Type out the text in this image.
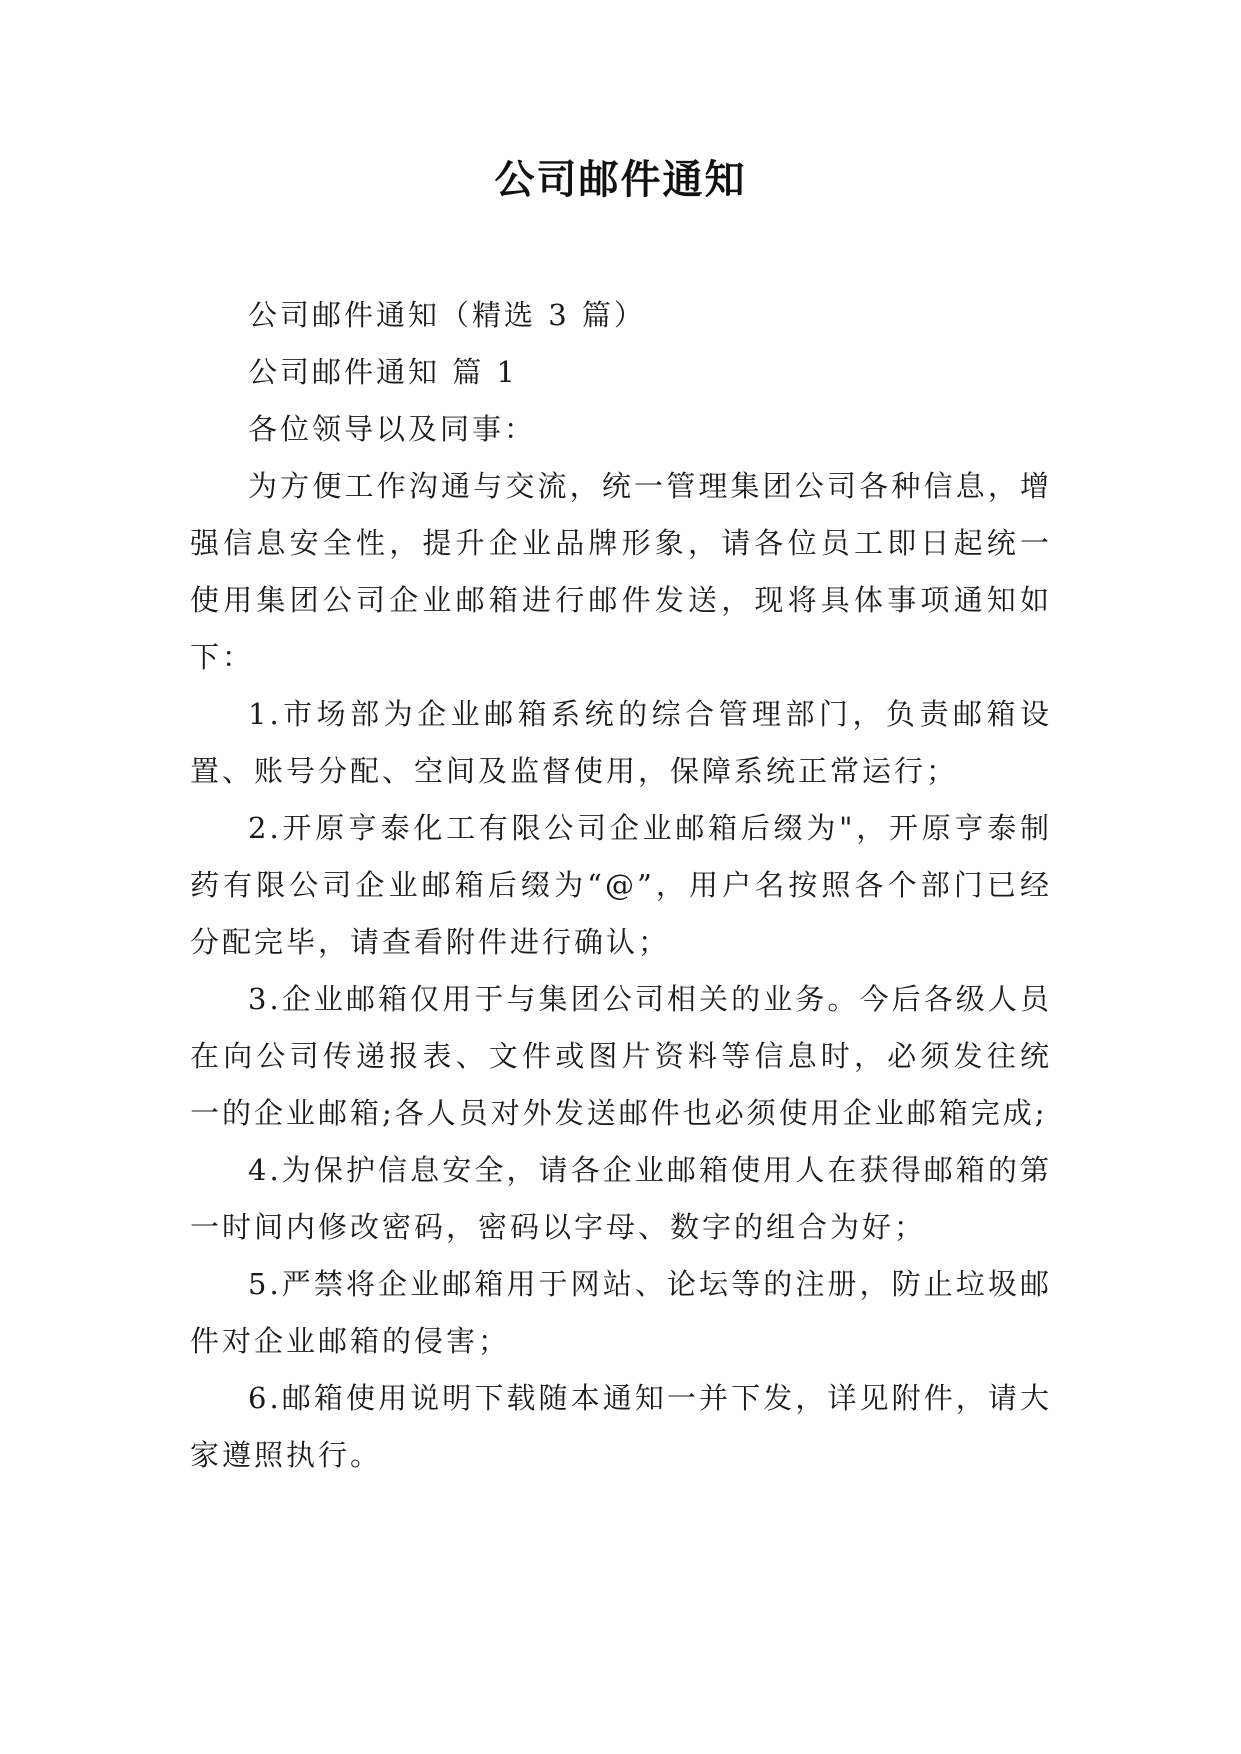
公司邮件通知

公司邮件通知（精选 3 篇）

公司邮件通知 篇 1

各位领导以及同事：

为方便工作沟通与交流，统一管理集团公司各种信息，增强信息安全性，提升企业品牌形象，请各位员工即日起统一使用集团公司企业邮箱进行邮件发送，现将具体事项通知如下：

1.市场部为企业邮箱系统的综合管理部门，负责邮箱设置、账号分配、空间及监督使用，保障系统正常运行；

2.开原亨泰化工有限公司企业邮箱后缀为"，开原亨泰制药有限公司企业邮箱后缀为“@”，用户名按照各个部门已经分配完毕，请查看附件进行确认；

3.企业邮箱仅用于与集团公司相关的业务。今后各级人员在向公司传递报表、文件或图片资料等信息时，必须发往统一的企业邮箱;各人员对外发送邮件也必须使用企业邮箱完成;

4.为保护信息安全，请各企业邮箱使用人在获得邮箱的第一时间内修改密码，密码以字母、数字的组合为好；

5.严禁将企业邮箱用于网站、论坛等的注册，防止垃圾邮件对企业邮箱的侵害；

6.邮箱使用说明下载随本通知一并下发，详见附件，请大家遵照执行。
